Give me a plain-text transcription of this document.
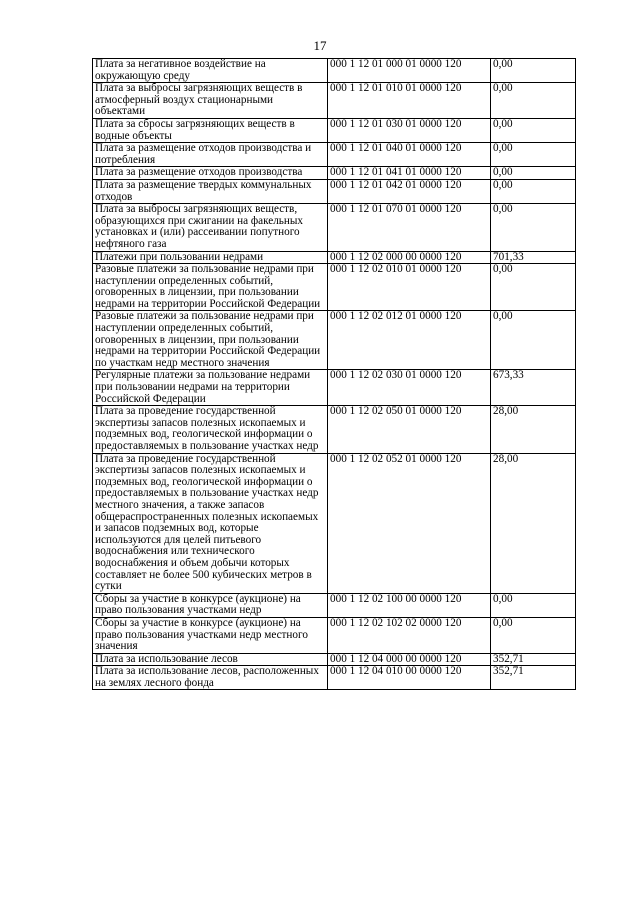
17
Плата за негативное воздействие на окружающую среду	000 1 12 01 000 01 0000 120	0,00
Плата за выбросы загрязняющих веществ в атмосферный воздух стационарными объектами	000 1 12 01 010 01 0000 120	0,00
Плата за сбросы загрязняющих веществ в водные объекты	000 1 12 01 030 01 0000 120	0,00
Плата за размещение отходов производства и потребления	000 1 12 01 040 01 0000 120	0,00
Плата за размещение отходов производства	000 1 12 01 041 01 0000 120	0,00
Плата за размещение твердых коммунальных отходов	000 1 12 01 042 01 0000 120	0,00
Плата за выбросы загрязняющих веществ, образующихся при сжигании на факельных установках и (или) рассеивании попутного нефтяного газа	000 1 12 01 070 01 0000 120	0,00
Платежи при пользовании недрами	000 1 12 02 000 00 0000 120	701,33
Разовые платежи за пользование недрами при наступлении определенных событий, оговоренных в лицензии, при пользовании недрами на территории Российской Федерации	000 1 12 02 010 01 0000 120	0,00
Разовые платежи за пользование недрами при наступлении определенных событий, оговоренных в лицензии, при пользовании недрами на территории Российской Федерации по участкам недр местного значения	000 1 12 02 012 01 0000 120	0,00
Регулярные платежи за пользование недрами при пользовании недрами на территории Российской Федерации	000 1 12 02 030 01 0000 120	673,33
Плата за проведение государственной экспертизы запасов полезных ископаемых и подземных вод, геологической информации о предоставляемых в пользование участках недр	000 1 12 02 050 01 0000 120	28,00
Плата за проведение государственной экспертизы запасов полезных ископаемых и подземных вод, геологической информации о предоставляемых в пользование участках недр местного значения, а также запасов общераспространенных полезных ископаемых и запасов подземных вод, которые используются для целей питьевого водоснабжения или технического водоснабжения и объем добычи которых составляет не более 500 кубических метров в сутки	000 1 12 02 052 01 0000 120	28,00
Сборы за участие в конкурсе (аукционе) на право пользования участками недр	000 1 12 02 100 00 0000 120	0,00
Сборы за участие в конкурсе (аукционе) на право пользования участками недр местного значения	000 1 12 02 102 02 0000 120	0,00
Плата за использование лесов	000 1 12 04 000 00 0000 120	352,71
Плата за использование лесов, расположенных на землях лесного фонда	000 1 12 04 010 00 0000 120	352,71
